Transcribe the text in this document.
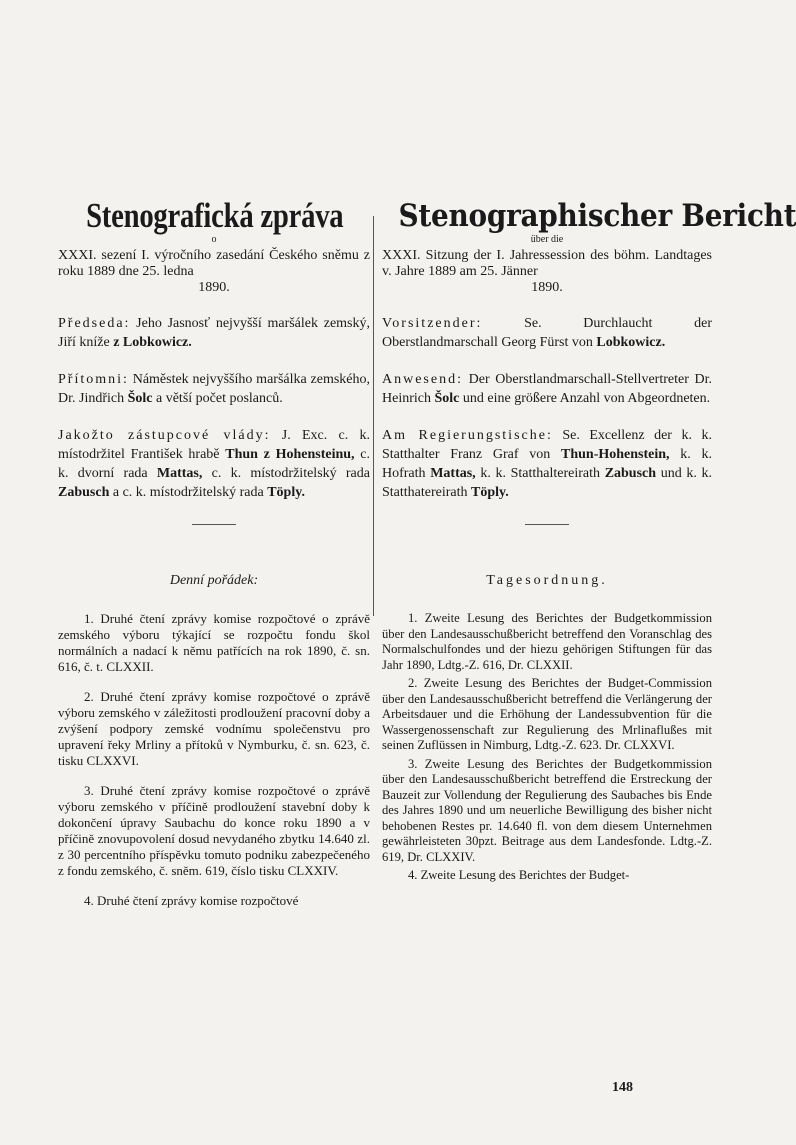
Stenografická zpráva
o

XXXI. sezení I. výročního zasedání Českého sněmu z roku 1889 dne 25. ledna

1890.

Předseda: Jeho Jasnosť nejvyšší maršálek zemský, Jiří kníže z Lobkowicz.

Přítomni: Náměstek nejvyššího maršálka zemského, Dr. Jindřich Šolc a větší počet poslanců.

Jakožto zástupcové vlády: J. Exc. c. k. místodržitel František hrabě Thun z Hohensteinu, c. k. dvorní rada Mattas, c. k. místodržitelský rada Zabusch a c. k. místodržitelský rada Töply.

Denní pořádek:

1. Druhé čtení zprávy komise rozpočtové o zprávě zemského výboru týkající se rozpočtu fondu škol normálních a nadací k němu patřících na rok 1890, č. sn. 616, č. t. CLXXII.

2. Druhé čtení zprávy komise rozpočtové o zprávě výboru zemského v záležitosti prodloužení pracovní doby a zvýšení podpory zemské vodnímu společenstvu pro upravení řeky Mrliny a přítoků v Nymburku, č. sn. 623, č. tisku CLXXVI.

3. Druhé čtení zprávy komise rozpočtové o zprávě výboru zemského v příčině prodloužení stavební doby k dokončení úpravy Saubachu do konce roku 1890 a v příčině znovupovolení dosud nevydaného zbytku 14.640 zl. z 30 percentního příspěvku tomuto podniku zabezpečeného z fondu zemského, č. sněm. 619, číslo tisku CLXXIV.

4. Druhé čtení zprávy komise rozpočtové

Stenographischer Bericht
über die

XXXI. Sitzung der I. Jahressession des böhm. Landtages v. Jahre 1889 am 25. Jänner

1890.

Vorsitzender: Se. Durchlaucht der Oberstlandmarschall Georg Fürst von Lobkowicz.

Anwesend: Der Oberstlandmarschall-Stellvertreter Dr. Heinrich Šolc und eine größere Anzahl von Abgeordneten.

Am Regierungstische: Se. Excellenz der k. k. Statthalter Franz Graf von Thun-Hohenstein, k. k. Hofrath Mattas, k. k. Statthaltereirath Zabusch und k. k. Statthatereirath Töply.

Tagesordnung.

1. Zweite Lesung des Berichtes der Budgetkommission über den Landesausschußbericht betreffend den Voranschlag des Normalschulfondes und der hiezu gehörigen Stiftungen für das Jahr 1890, Ldtg.-Z. 616, Dr. CLXXII.

2. Zweite Lesung des Berichtes der Budget-Commission über den Landesausschußbericht betreffend die Verlängerung der Arbeitsdauer und die Erhöhung der Landessubvention für die Wassergenossenschaft zur Regulierung des Mrlinaflußes mit seinen Zuflüssen in Nimburg, Ldtg.-Z. 623. Dr. CLXXVI.

3. Zweite Lesung des Berichtes der Budgetkommission über den Landesausschußbericht betreffend die Erstreckung der Bauzeit zur Vollendung der Regulierung des Saubaches bis Ende des Jahres 1890 und um neuerliche Bewilligung des bisher nicht behobenen Restes pr. 14.640 fl. von dem diesem Unternehmen gewährleisteten 30pzt. Beitrage aus dem Landesfonde. Ldtg.-Z. 619, Dr. CLXXIV.

4. Zweite Lesung des Berichtes der Budget-

148
